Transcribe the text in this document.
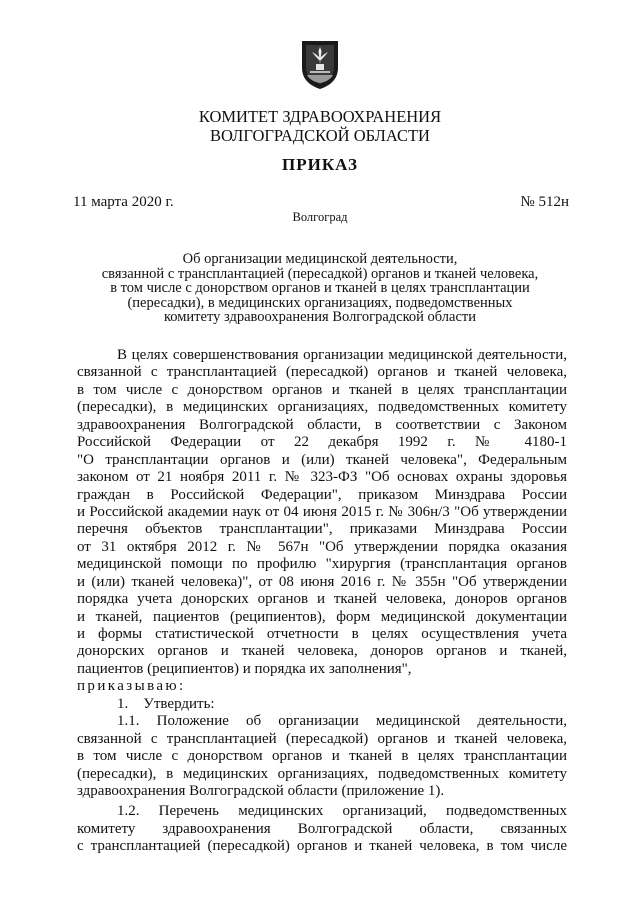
КОМИТЕТ ЗДРАВООХРАНЕНИЯ
ВОЛГОГРАДСКОЙ ОБЛАСТИ
ПРИКАЗ
11 марта 2020 г.	№ 512н
Волгоград
Об организации медицинской деятельности,
связанной с трансплантацией (пересадкой) органов и тканей человека,
в том числе с донорством органов и тканей в целях трансплантации
(пересадки), в медицинских организациях, подведомственных
комитету здравоохранения Волгоградской области
В целях совершенствования организации медицинской деятельности,
связанной с трансплантацией (пересадкой) органов и тканей человека,
в том числе с донорством органов и тканей в целях трансплантации
(пересадки), в медицинских организациях, подведомственных комитету
здравоохранения Волгоградской области, в соответствии с Законом
Российской Федерации от 22 декабря 1992 г. № 4180-1
"О трансплантации органов и (или) тканей человека", Федеральным
законом от 21 ноября 2011 г. № 323-ФЗ "Об основах охраны здоровья
граждан в Российской Федерации", приказом Минздрава России
и Российской академии наук от 04 июня 2015 г. № 306н/3 "Об утверждении
перечня объектов трансплантации", приказами Минздрава России
от 31 октября 2012 г. № 567н "Об утверждении порядка оказания
медицинской помощи по профилю "хирургия (трансплантация органов
и (или) тканей человека)", от 08 июня 2016 г. № 355н "Об утверждении
порядка учета донорских органов и тканей человека, доноров органов
и тканей, пациентов (реципиентов), форм медицинской документации
и формы статистической отчетности в целях осуществления учета
донорских органов и тканей человека, доноров органов и тканей,
пациентов (реципиентов) и порядка их заполнения",
приказываю:
1.    Утвердить:
1.1. Положение об организации медицинской деятельности,
связанной с трансплантацией (пересадкой) органов и тканей человека,
в том числе с донорством органов и тканей в целях трансплантации
(пересадки), в медицинских организациях, подведомственных комитету
здравоохранения Волгоградской области (приложение 1).
1.2. Перечень медицинских организаций, подведомственных
комитету здравоохранения Волгоградской области, связанных
с трансплантацией (пересадкой) органов и тканей человека, в том числе
